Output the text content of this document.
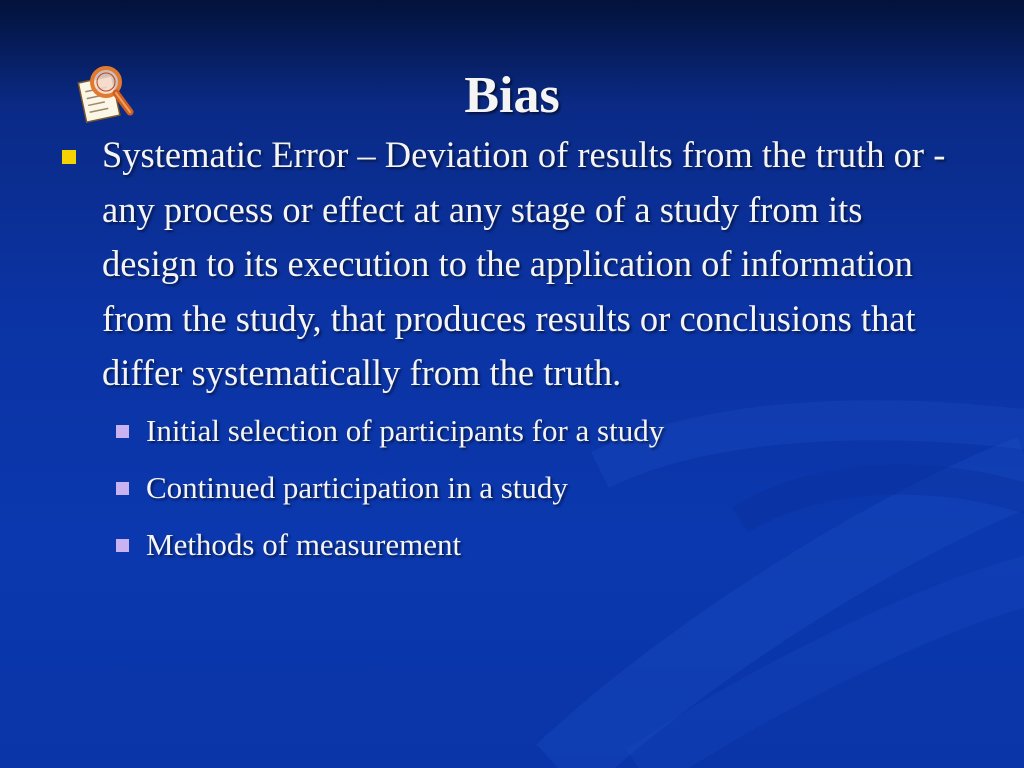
Bias
Systematic Error – Deviation of results from the truth or - any process or effect at any stage of a study from its design to its execution to the application of information from the study, that produces results or conclusions that differ systematically from the truth.
Initial selection of participants for a study
Continued participation in a study
Methods of measurement
